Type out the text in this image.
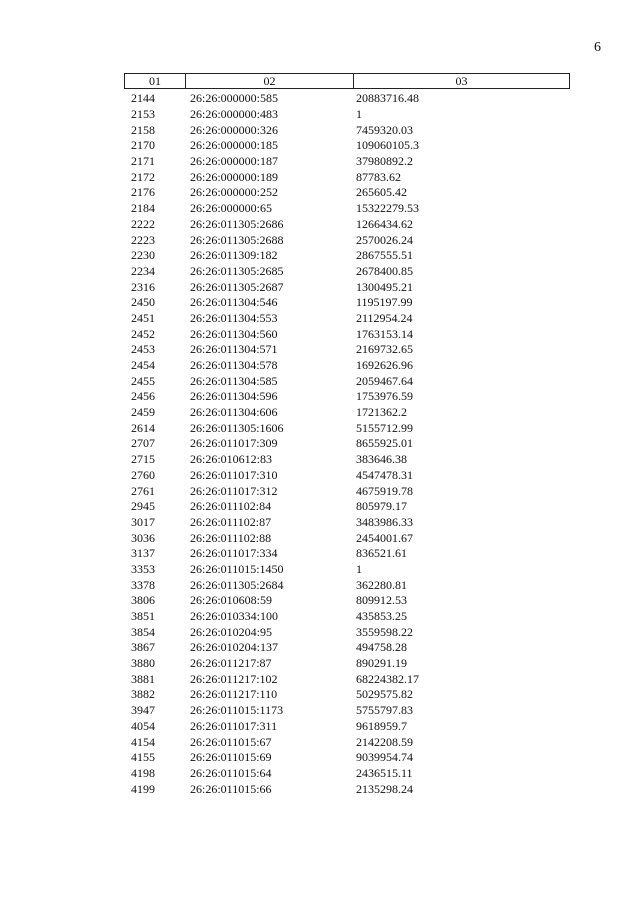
6
01	02	03
2144	26:26:000000:585	20883716.48
2153	26:26:000000:483	1
2158	26:26:000000:326	7459320.03
2170	26:26:000000:185	109060105.3
2171	26:26:000000:187	37980892.2
2172	26:26:000000:189	87783.62
2176	26:26:000000:252	265605.42
2184	26:26:000000:65	15322279.53
2222	26:26:011305:2686	1266434.62
2223	26:26:011305:2688	2570026.24
2230	26:26:011309:182	2867555.51
2234	26:26:011305:2685	2678400.85
2316	26:26:011305:2687	1300495.21
2450	26:26:011304:546	1195197.99
2451	26:26:011304:553	2112954.24
2452	26:26:011304:560	1763153.14
2453	26:26:011304:571	2169732.65
2454	26:26:011304:578	1692626.96
2455	26:26:011304:585	2059467.64
2456	26:26:011304:596	1753976.59
2459	26:26:011304:606	1721362.2
2614	26:26:011305:1606	5155712.99
2707	26:26:011017:309	8655925.01
2715	26:26:010612:83	383646.38
2760	26:26:011017:310	4547478.31
2761	26:26:011017:312	4675919.78
2945	26:26:011102:84	805979.17
3017	26:26:011102:87	3483986.33
3036	26:26:011102:88	2454001.67
3137	26:26:011017:334	836521.61
3353	26:26:011015:1450	1
3378	26:26:011305:2684	362280.81
3806	26:26:010608:59	809912.53
3851	26:26:010334:100	435853.25
3854	26:26:010204:95	3559598.22
3867	26:26:010204:137	494758.28
3880	26:26:011217:87	890291.19
3881	26:26:011217:102	68224382.17
3882	26:26:011217:110	5029575.82
3947	26:26:011015:1173	5755797.83
4054	26:26:011017:311	9618959.7
4154	26:26:011015:67	2142208.59
4155	26:26:011015:69	9039954.74
4198	26:26:011015:64	2436515.11
4199	26:26:011015:66	2135298.24
